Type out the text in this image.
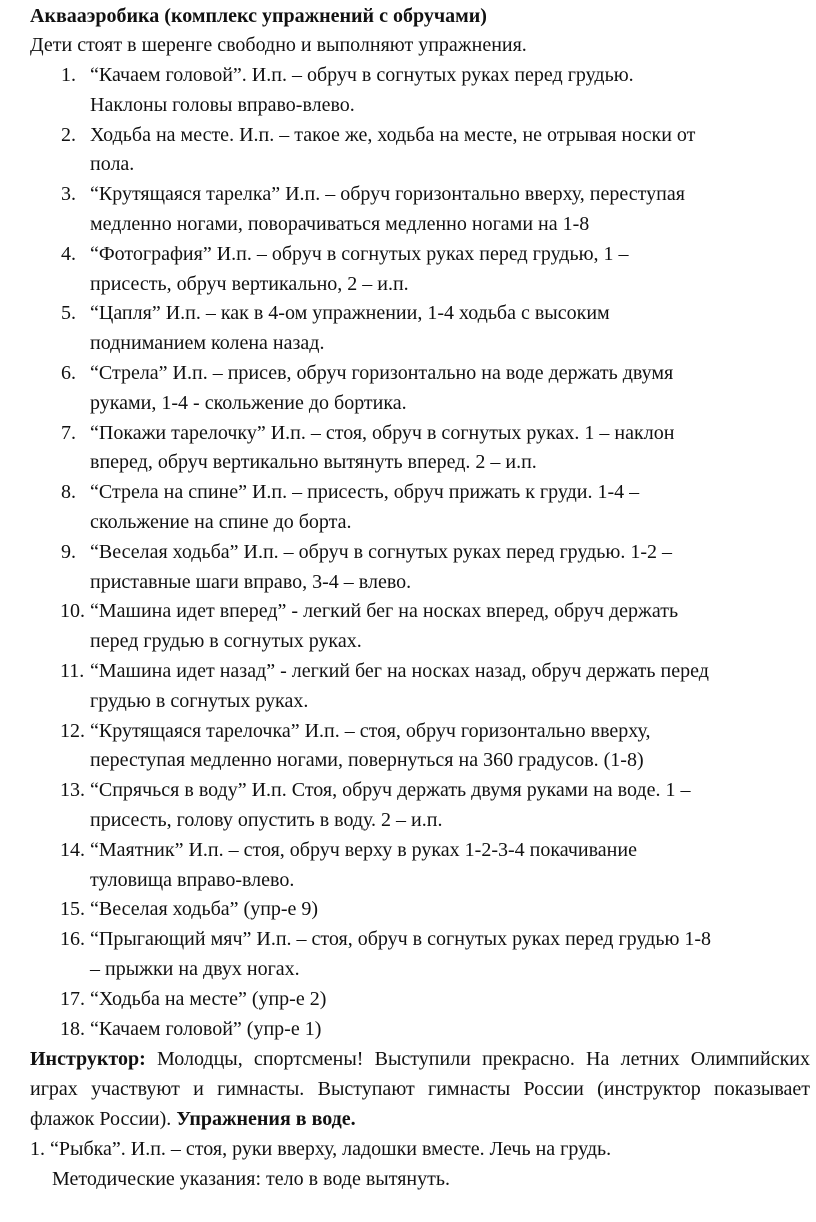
Аквааэробика (комплекс упражнений с обручами)

Дети стоят в шеренге свободно и выполняют упражнения.

1. “Качаем головой”. И.п. – обруч в согнутых руках перед грудью.
Наклоны головы вправо-влево.
2. Ходьба на месте. И.п. – такое же, ходьба на месте, не отрывая носки от
пола.
3. “Крутящаяся тарелка” И.п. – обруч горизонтально вверху, переступая
медленно ногами, поворачиваться медленно ногами на 1-8
4. “Фотография” И.п. – обруч в согнутых руках перед грудью, 1 –
присесть, обруч вертикально, 2 – и.п.
5. “Цапля” И.п. – как в 4-ом упражнении, 1-4 ходьба с высоким
подниманием колена назад.
6. “Стрела” И.п. – присев, обруч горизонтально на воде держать двумя
руками, 1-4 - скольжение до бортика.
7. “Покажи тарелочку” И.п. – стоя, обруч в согнутых руках. 1 – наклон
вперед, обруч вертикально вытянуть вперед. 2 – и.п.
8. “Стрела на спине” И.п. – присесть, обруч прижать к груди. 1-4 –
скольжение на спине до борта.
9. “Веселая ходьба” И.п. – обруч в согнутых руках перед грудью. 1-2 –
приставные шаги вправо, 3-4 – влево.
10. “Машина идет вперед” - легкий бег на носках вперед, обруч держать
перед грудью в согнутых руках.
11. “Машина идет назад” - легкий бег на носках назад, обруч держать перед
грудью в согнутых руках.
12. “Крутящаяся тарелочка” И.п. – стоя, обруч горизонтально вверху,
переступая медленно ногами, повернуться на 360 градусов. (1-8)
13. “Спрячься в воду” И.п. Стоя, обруч держать двумя руками на воде. 1 –
присесть, голову опустить в воду. 2 – и.п.
14. “Маятник” И.п. – стоя, обруч верху в руках 1-2-3-4 покачивание
туловища вправо-влево.
15. “Веселая ходьба” (упр-е 9)
16. “Прыгающий мяч” И.п. – стоя, обруч в согнутых руках перед грудью 1-8
– прыжки на двух ногах.
17. “Ходьба на месте” (упр-е 2)
18. “Качаем головой” (упр-е 1)

Инструктор: Молодцы, спортсмены! Выступили прекрасно. На летних Олимпийских играх участвуют и гимнасты. Выступают гимнасты России (инструктор показывает флажок России). Упражнения в воде.

1. “Рыбка”. И.п. – стоя, руки вверху, ладошки вместе. Лечь на грудь.
Методические указания: тело в воде вытянуть.
